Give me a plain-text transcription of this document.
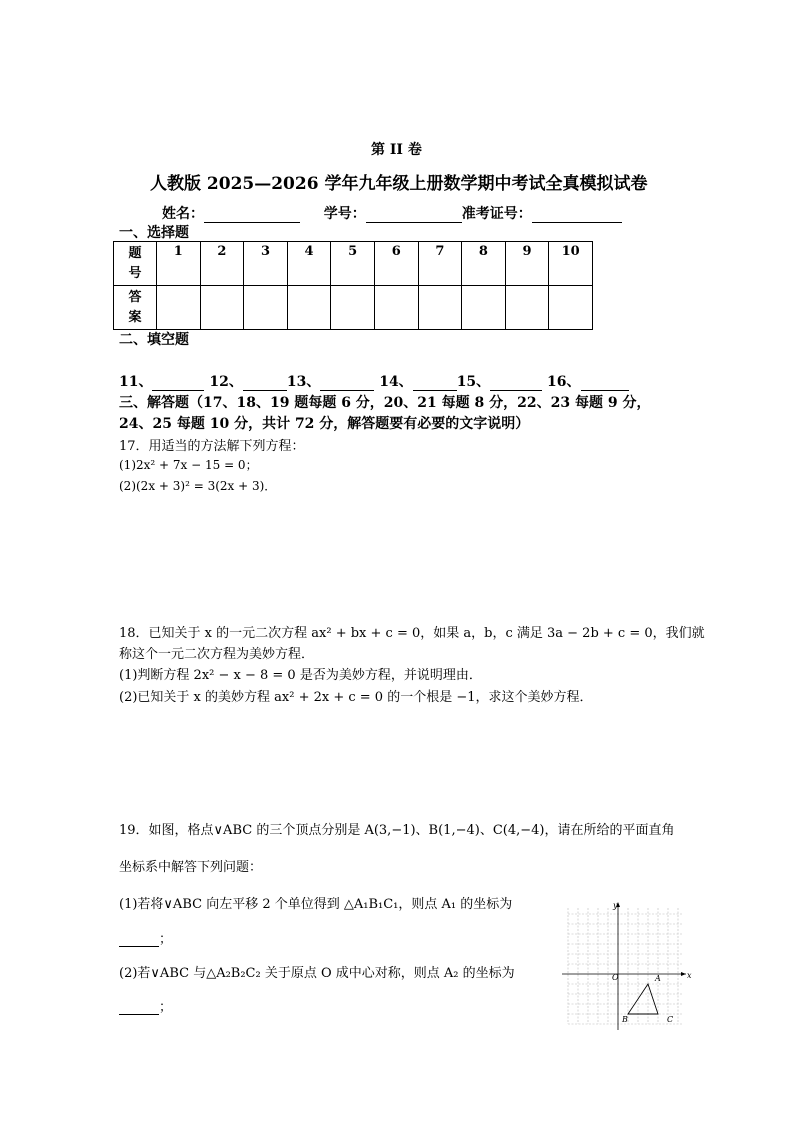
第 II 卷
人教版 2025—2026 学年九年级上册数学期中考试全真模拟试卷
姓名：	学号：	准考证号：
一、选择题
题
号	1	2	3	4	5	6	7	8	9	10
答
案										
二、填空题
11、	12、	13、	14、	15、	16、
三、解答题（17、18、19 题每题 6 分，20、21 每题 8 分，22、23 每题 9 分，
24、25 每题 10 分，共计 72 分，解答题要有必要的文字说明）
17．用适当的方法解下列方程：
(1)2x² + 7x − 15 = 0；
(2)(2x + 3)² = 3(2x + 3)．
18．已知关于 x 的一元二次方程 ax² + bx + c = 0，如果 a，b，c 满足 3a − 2b + c = 0，我们就
称这个一元二次方程为美妙方程．
(1)判断方程 2x² − x − 8 = 0 是否为美妙方程，并说明理由．
(2)已知关于 x 的美妙方程 ax² + 2x + c = 0 的一个根是 −1，求这个美妙方程．
19．如图，格点∨ABC 的三个顶点分别是 A(3,−1)、B(1,−4)、C(4,−4)，请在所给的平面直角
坐标系中解答下列问题：
(1)若将∨ABC 向左平移 2 个单位得到 △A₁B₁C₁，则点 A₁ 的坐标为
；
(2)若∨ABC 与△A₂B₂C₂ 关于原点 O 成中心对称，则点 A₂ 的坐标为
；
x
y
O	A
B	C
